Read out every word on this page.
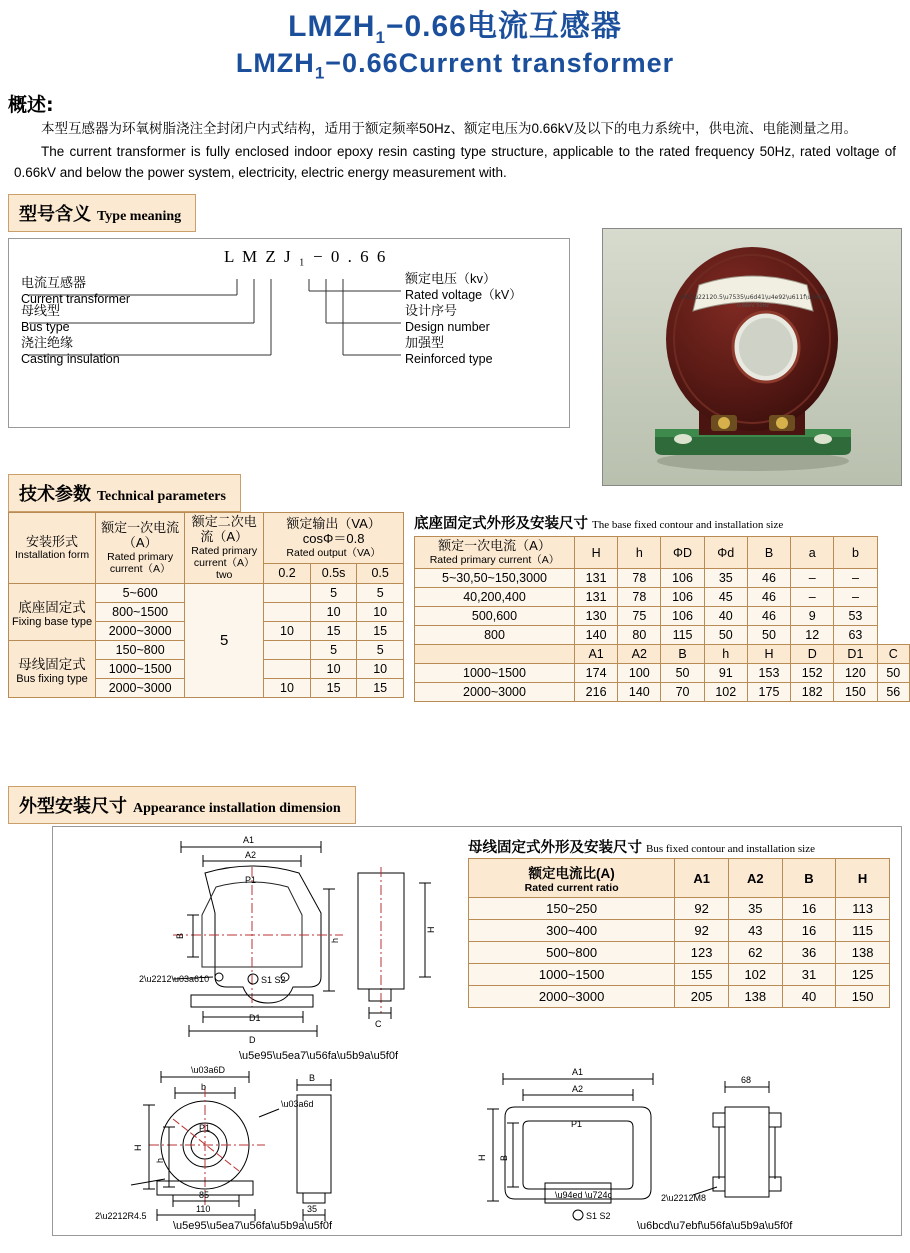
$LMZH_1-0.66$电流互感器
$LMZH_1-0.66Current$ transformer
概述:

本型互感器为环氧树脂浇注全封闭户内式结构，适用于额定频率50Hz、额定电压为0.66kV及以下的电力系统中，供电流、电能测量之用。

The current transformer is fully enclosed indoor epoxy resin casting type structure, applicable to the rated frequency 50Hz, rated voltage of 0.66kV and below the power system, electricity, electric energy measurement with.

型号含义 Type meaning
L M Z J ₁ − 0 . 6 6
电流互感器
Current transformer
母线型
Bus type
浇注绝缘
Casting insulation
额定电压（kv）
Rated voltage（kV）
设计序号
Design number
加强型
Reinforced type
LMZ\u22120.5\u7535\u6d41\u4e92\u611f\u5668
0.66kV 50Hz
技术参数 Technical parameters
安装形式
Installation form	额定一次电流（A）
Rated primary current（A）	额定二次电流（A）
Rated primary current（A）two	额定输出（VA）
cosΦ＝0.8
Rated output（VA）		

			0.2	0.5s	0.5

底座固定式
Fixing base type	5~600	5		5	5
	800~1500			10	10
	2000~3000		10	15	15

母线固定式
Bus fixing type	150~800			5	5
	1000~1500			10	10
	2000~3000		10	15	15
底座固定式外形及安装尺寸 The base fixed contour and installation size
额定一次电流（A）
Rated primary current（A）	H	h	ΦD	Φd	B	a	b	
5~30,50~150,3000	131	78	106	35	46	–	–	
40,200,400	131	78	106	45	46	–	–	
500,600	130	75	106	40	46	9	53	
800	140	80	115	50	50	12	63	
	A1	A2	B	h	H	D	D1	C
1000~1500	174	100	50	91	153	152	120	50
2000~3000	216	140	70	102	175	182	150	56
外型安装尺寸 Appearance installation dimension
A1
A2
P1
B
h
D1
D
2\u2212\u03a610	S1 S2
\u5e95\u5ea7\u56fa\u5b9a\u5f0f
H
C
\u03a6D
b
\u03a6d
H
h
P1
85
110
2\u2212R4.5
\u5e95\u5ea7\u56fa\u5b9a\u5f0f
B
35
A1
A2
P1
H B
\u94ed \u724c
S1 S2
\u6bcd\u7ebf\u56fa\u5b9a\u5f0f
68
2\u2212M8
母线固定式外形及安装尺寸 Bus fixed contour and installation size
额定电流比(A)
Rated current ratio	A1	A2	B	H
150~250	92	35	16	113
300~400	92	43	16	115
500~800	123	62	36	138
1000~1500	155	102	31	125
2000~3000	205	138	40	150
